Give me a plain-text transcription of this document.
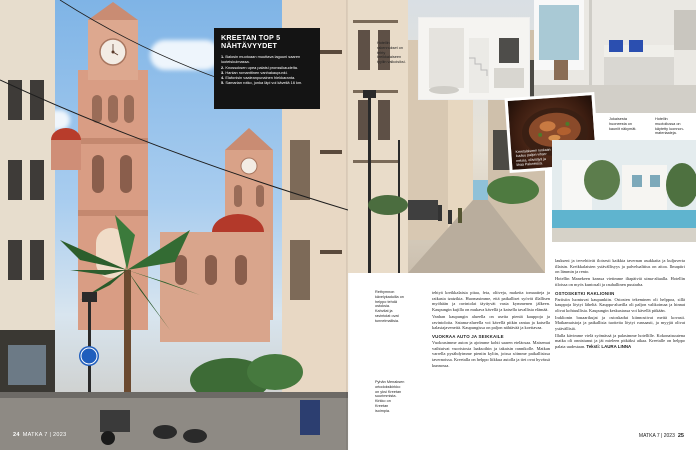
KREETAN TOP 5
NÄHTÄVYYDET
1. Balosin muotoaan muuttava laguuni saaren luoteiskulmassa.
2. Knossoksen upea palatsi pronssikaudelta.
3. Hanian romanttinen vanhakaupunki.
4. Elafonisin vaaleanpunainen hiekkaranta.
5. Samarian rotko, jonka läpi voi käveliä 16 km.
24 MATKA 7 | 2023
Hotellin
rakennukset on
tehty
kreikkalaiseen
tyyliin valkoisiksi.
Jokaisesta
huoneesta on
kauniit näkymät.
Hotellin
muotoilussa on
käytetty luonnon-
materiaaleja.
Kreetalaiseen ruokaan
kuuluu paljon vihan-
neksia, oliiviöljyä ja
lihaa Paloneissa.
Rethymnon
kävelykaduilla on
helppo tehdä
ostoksia.
Kahvilat ja
ravintolat ovat
tunnelmallisia.
Pyhän Menaksen
ortodoksikirkko
on yksi Kreetan
suurimmista.
Kirkko on
Kreetan
isoimpia.

tehtyä kreikkalaista pitaa, feta, oliiveja, makeita tomaatteja ja raikasta tzatzikia. Huomasimme, että paikalliset syövät illallisen myöhään ja ravintolat täyttyvät vasta kymmenen jälkeen. Kaupungin kujilla on mukava kävellä ja katsella tavallista elämää.

Vanhan kaupungin alueella on useita pieniä kauppoja ja ravintoloita. Satama-alueella voi kävellä pitkin rantaa ja katsella kalastajaveneitä. Kaupungissa on paljon nähtävää ja koettavaa.

VUOKRAA AUTO JA SEIKKAILE

Vuokrasimme auton ja ajoimme kohti saaren eteläosaa. Maisemat vaihtuivat vuoristosta laaksoihin ja takaisin rannikolle. Matkan varrella pysähdyimme pieniin kyliin, joissa söimme paikallisissa tavernoissa. Kreetalla on helppo liikkua autolla ja tiet ovat hyvässä kunnossa.

laukseni ja tervehtivät iloisesti kaikkia tavernan asukkaita ja kuljuverta illaisin. Kreikkalaisten ystävällisyys ja palvelualttius on aitoa. Ilmapiiri on lämmin ja rento.

Hotellin Manekeen kanssa vietimme iltapäiviä uima-altaalla. Hotellin tiloissa on myös kuntosali ja rauhallinen puutarha.

OSTOSKETKI RAKLIONIIN

Pariisiin luontuvat kaupunkiin. Ostosten tekeminen oli helppoa, sillä kauppoja löytyi läheltä. Kauppa-alueilla oli paljon valikoimaa ja hinnat olivat kohtuullisia. Kaupungin keskustassa voi kävellä pitkään.

Iraklionin basaarikujat ja ostoskadut kiinnostivat meitä kovasti. Matkamuistoja ja paikallisia tuotteita löytyi runsaasti, ja myyjät olivat ystävällisiä.

Illalla kävimme vielä syömässä ja palasimme hotellille. Kokonaisuutena matka oli onnistunut ja jäi mieleen pitkäksi aikaa. Kreetalle on helppo palata uudestaan. Teksti: LAURA LINNA

MATKA 7 | 2023 25
